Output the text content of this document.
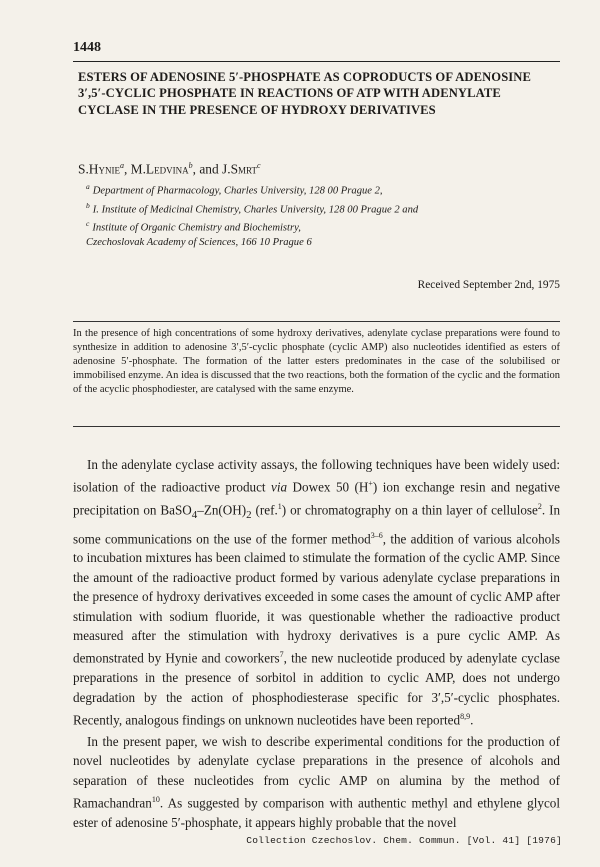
1448
ESTERS OF ADENOSINE 5′-PHOSPHATE AS COPRODUCTS OF ADENOSINE 3′,5′-CYCLIC PHOSPHATE IN REACTIONS OF ATP WITH ADENYLATE CYCLASE IN THE PRESENCE OF HYDROXY DERIVATIVES

S.Hynie$^a$, M.Ledvina$^b$, and J.Smrt$^c$

$^a$ Department of Pharmacology, Charles University, 128 00 Prague 2,
$^b$ I. Institute of Medicinal Chemistry, Charles University, 128 00 Prague 2 and
$^c$ Institute of Organic Chemistry and Biochemistry,
Czechoslovak Academy of Sciences, 166 10 Prague 6
Received September 2nd, 1975

In the presence of high concentrations of some hydroxy derivatives, adenylate cyclase preparations were found to synthesize in addition to adenosine 3′,5′-cyclic phosphate (cyclic AMP) also nucleotides identified as esters of adenosine 5′-phosphate. The formation of the latter esters predominates in the case of the solubilised or immobilised enzyme. An idea is discussed that the two reactions, both the formation of the cyclic and the formation of the acyclic phosphodiester, are catalysed with the same enzyme.

In the adenylate cyclase activity assays, the following techniques have been widely used: isolation of the radioactive product via Dowex 50 (H+) ion exchange resin and negative precipitation on $BaSO_4-Zn(OH)_2$ (ref.$^1$) or chromatography on a thin layer of cellulose$^2$. In some communications on the use of the former method$^{3-6}$, the addition of various alcohols to incubation mixtures has been claimed to stimulate the formation of the cyclic AMP. Since the amount of the radioactive product formed by various adenylate cyclase preparations in the presence of hydroxy derivatives exceeded in some cases the amount of cyclic AMP after stimulation with sodium fluoride, it was questionable whether the radioactive product measured after the stimulation with hydroxy derivatives is a pure cyclic AMP. As demonstrated by Hynie and coworkers$^7$, the new nucleotide produced by adenylate cyclase preparations in the presence of sorbitol in addition to cyclic AMP, does not undergo degradation by the action of phosphodiesterase specific for 3′,5′-cyclic phosphates. Recently, analogous findings on unknown nucleotides have been reported$^{8,9}$.

In the present paper, we wish to describe experimental conditions for the production of novel nucleotides by adenylate cyclase preparations in the presence of alcohols and separation of these nucleotides from cyclic AMP on alumina by the method of Ramachandran$^{10}$. As suggested by comparison with authentic methyl and ethylene glycol ester of adenosine 5′-phosphate, it appears highly probable that the novel

Collection Czechoslov. Chem. Commun. [Vol. 41] [1976]
